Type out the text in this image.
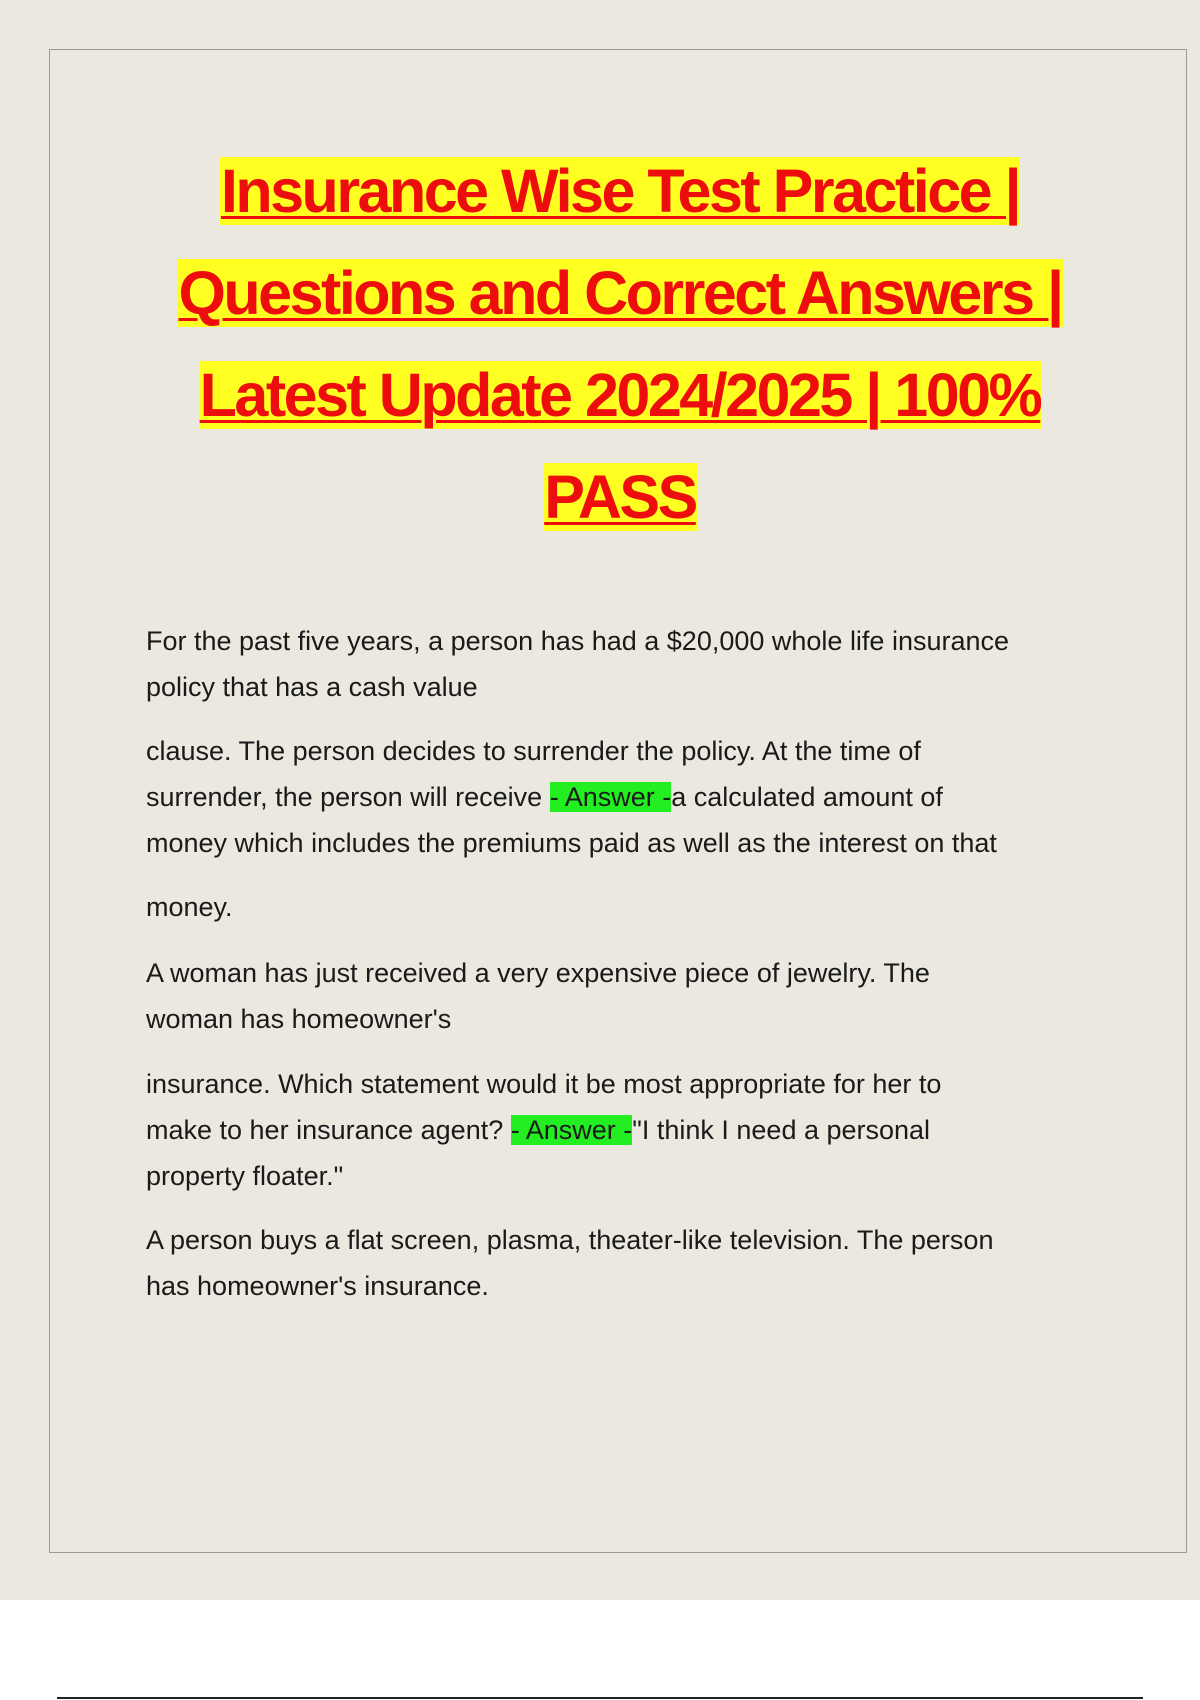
Insurance Wise Test Practice |
Questions and Correct Answers |
Latest Update 2024/2025 | 100%
PASS
For the past five years, a person has had a $20,000 whole life insurance
policy that has a cash value
clause. The person decides to surrender the policy. At the time of
surrender, the person will receive - Answer -a calculated amount of
money which includes the premiums paid as well as the interest on that
money.
A woman has just received a very expensive piece of jewelry. The
woman has homeowner's
insurance. Which statement would it be most appropriate for her to
make to her insurance agent? - Answer -"I think I need a personal
property floater."
A person buys a flat screen, plasma, theater-like television. The person
has homeowner's insurance.
